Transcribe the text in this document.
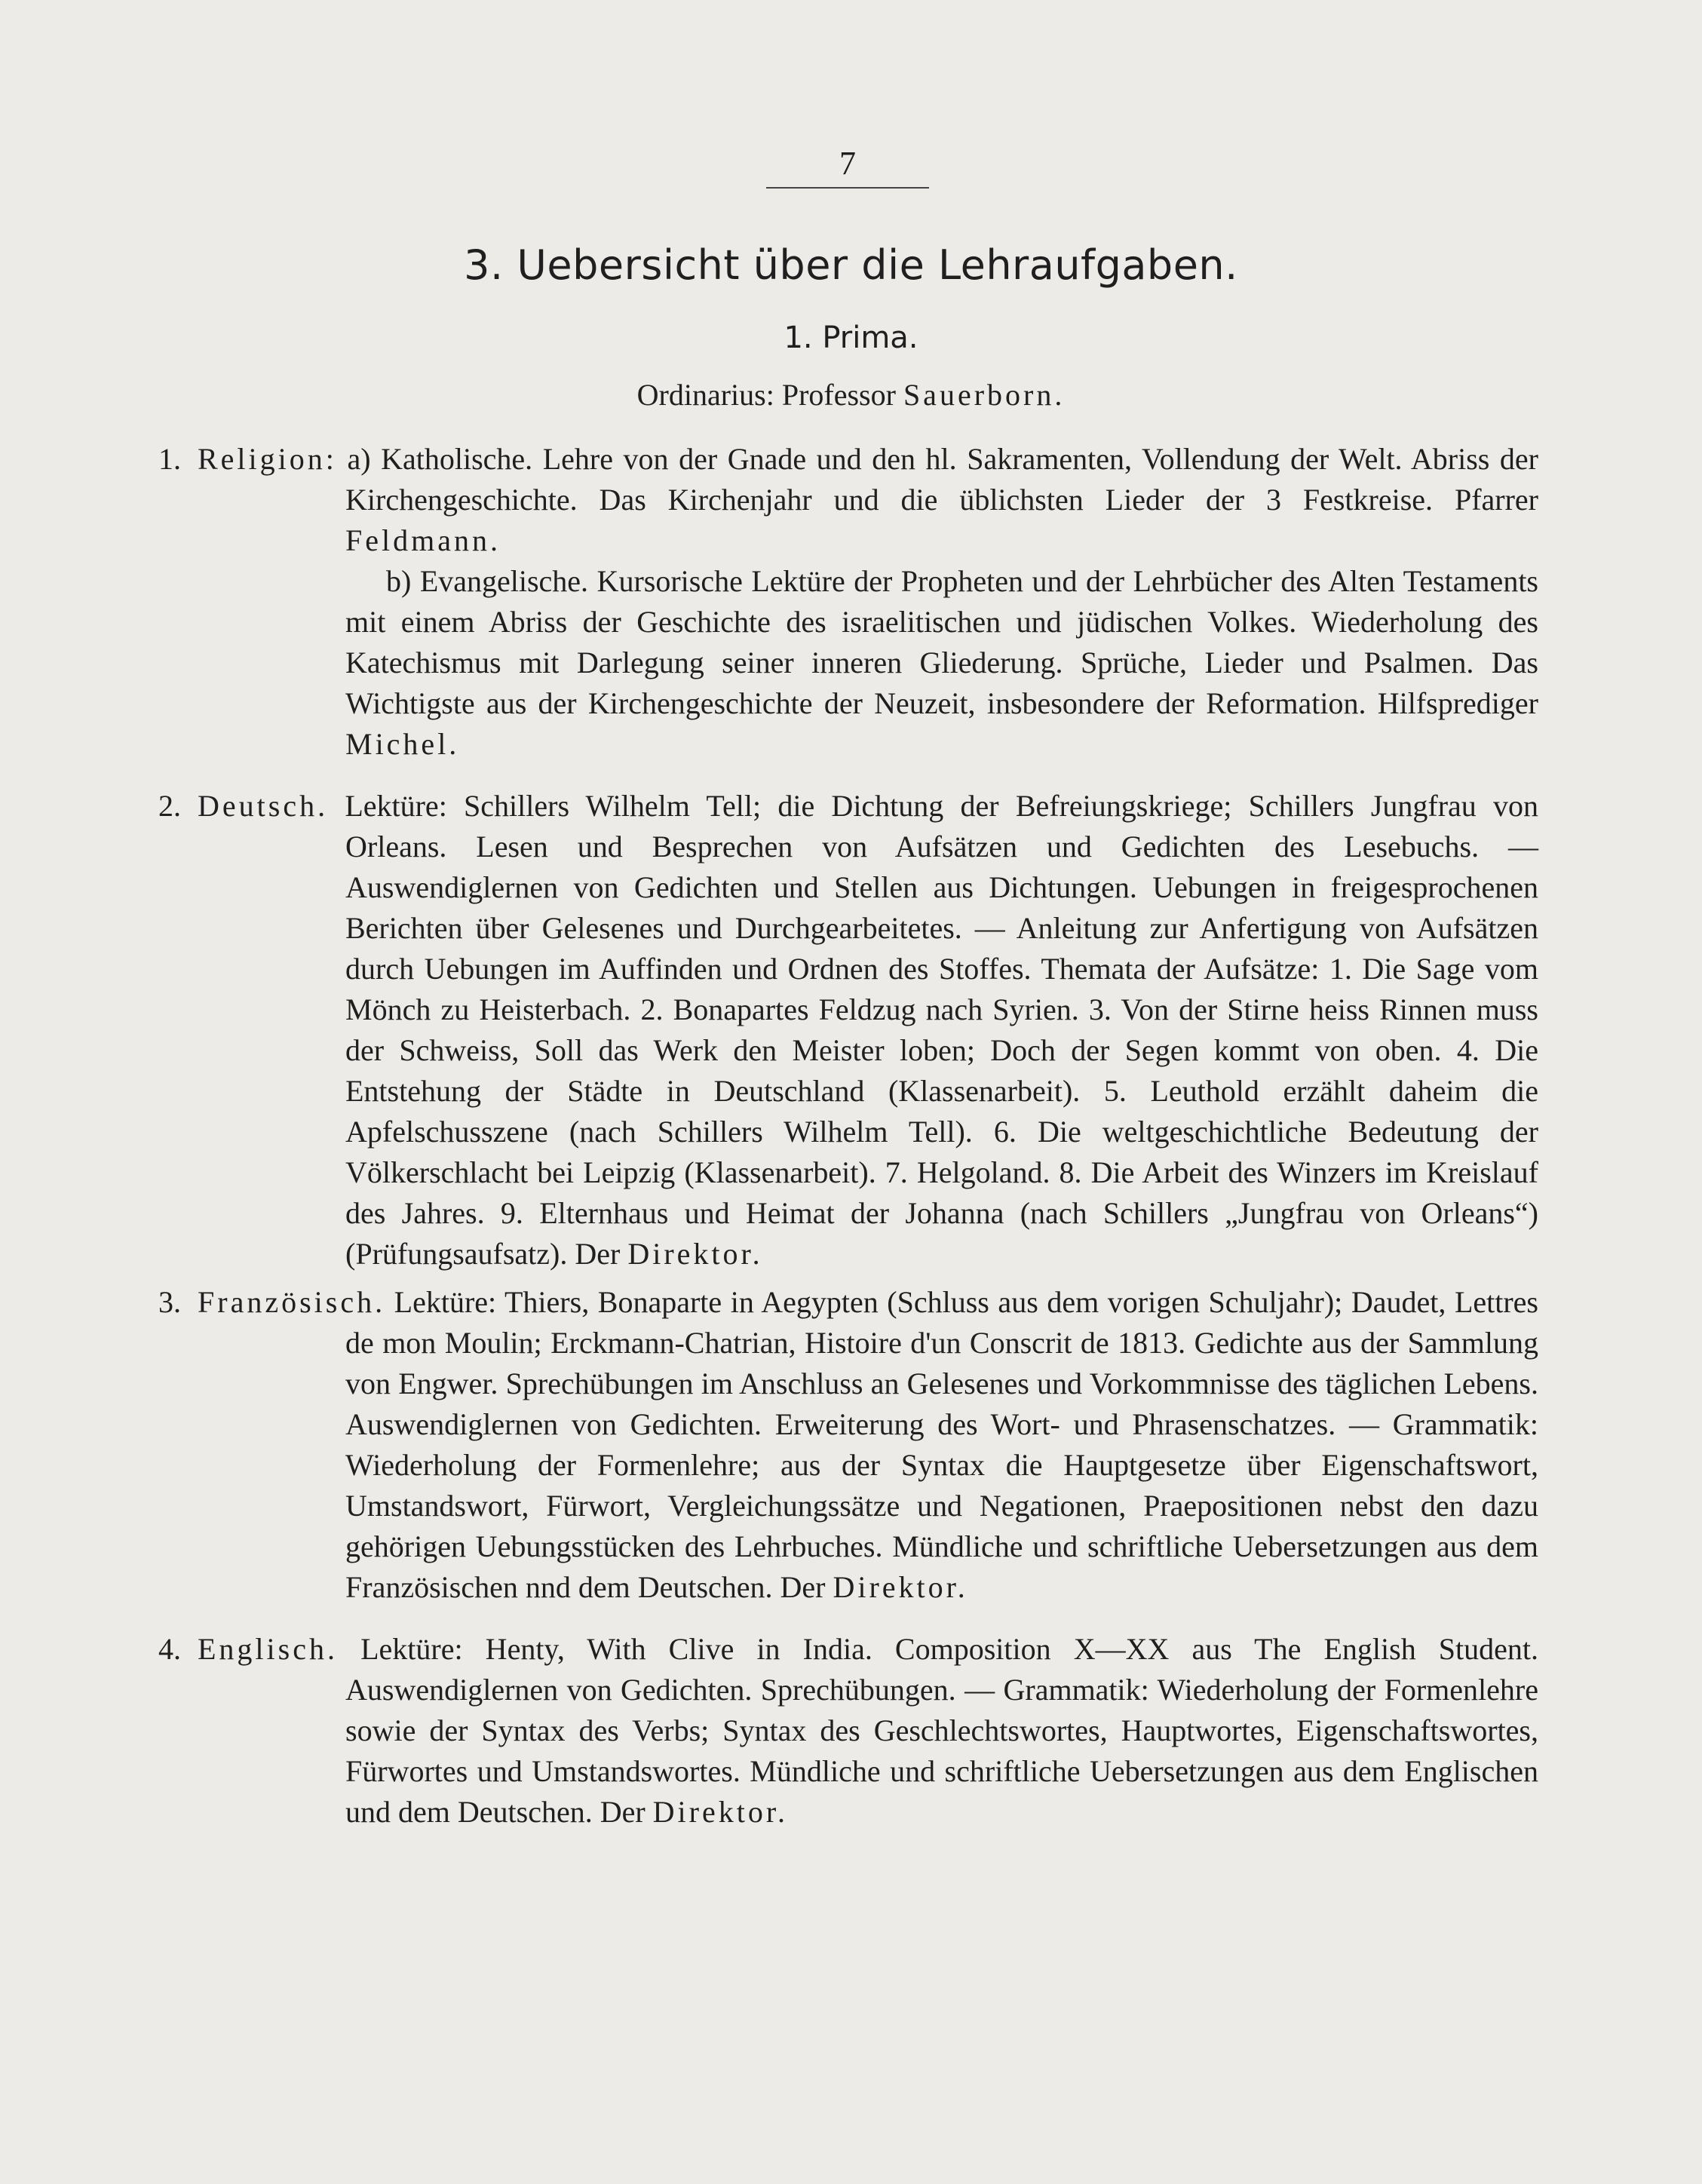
7
3. Uebersicht über die Lehraufgaben.
1. Prima.
Ordinarius: Professor Sauerborn.
1. Religion: a) Katholische. Lehre von der Gnade und den hl. Sakramenten, Vollendung der Welt. Abriss der Kirchengeschichte. Das Kirchenjahr und die üblichsten Lieder der 3 Festkreise. Pfarrer Feldmann.

b) Evangelische. Kursorische Lektüre der Propheten und der Lehrbücher des Alten Testaments mit einem Abriss der Geschichte des israelitischen und jüdischen Volkes. Wiederholung des Katechismus mit Darlegung seiner inneren Gliederung. Sprüche, Lieder und Psalmen. Das Wichtigste aus der Kirchengeschichte der Neuzeit, insbesondere der Reformation. Hilfsprediger Michel.

2. Deutsch. Lektüre: Schillers Wilhelm Tell; die Dichtung der Befreiungskriege; Schillers Jungfrau von Orleans. Lesen und Besprechen von Aufsätzen und Gedichten des Lesebuchs. — Auswendiglernen von Gedichten und Stellen aus Dichtungen. Uebungen in freigesprochenen Berichten über Gelesenes und Durchgearbeitetes. — Anleitung zur Anfertigung von Aufsätzen durch Uebungen im Auffinden und Ordnen des Stoffes. Themata der Aufsätze: 1. Die Sage vom Mönch zu Heisterbach. 2. Bonapartes Feldzug nach Syrien. 3. Von der Stirne heiss Rinnen muss der Schweiss, Soll das Werk den Meister loben; Doch der Segen kommt von oben. 4. Die Entstehung der Städte in Deutschland (Klassenarbeit). 5. Leuthold erzählt daheim die Apfelschusszene (nach Schillers Wilhelm Tell). 6. Die weltgeschichtliche Bedeutung der Völkerschlacht bei Leipzig (Klassenarbeit). 7. Helgoland. 8. Die Arbeit des Winzers im Kreislauf des Jahres. 9. Elternhaus und Heimat der Johanna (nach Schillers „Jungfrau von Orleans“) (Prüfungsaufsatz). Der Direktor.

3. Französisch. Lektüre: Thiers, Bonaparte in Aegypten (Schluss aus dem vorigen Schuljahr); Daudet, Lettres de mon Moulin; Erckmann-Chatrian, Histoire d'un Conscrit de 1813. Gedichte aus der Sammlung von Engwer. Sprechübungen im Anschluss an Gelesenes und Vorkommnisse des täglichen Lebens. Auswendiglernen von Gedichten. Erweiterung des Wort- und Phrasenschatzes. — Grammatik: Wiederholung der Formenlehre; aus der Syntax die Hauptgesetze über Eigenschaftswort, Umstandswort, Fürwort, Vergleichungssätze und Negationen, Praepositionen nebst den dazu gehörigen Uebungsstücken des Lehrbuches. Mündliche und schriftliche Uebersetzungen aus dem Französischen nnd dem Deutschen. Der Direktor.

4. Englisch. Lektüre: Henty, With Clive in India. Composition X—XX aus The English Student. Auswendiglernen von Gedichten. Sprechübungen. — Grammatik: Wiederholung der Formenlehre sowie der Syntax des Verbs; Syntax des Geschlechtswortes, Hauptwortes, Eigenschaftswortes, Fürwortes und Umstandswortes. Mündliche und schriftliche Uebersetzungen aus dem Englischen und dem Deutschen. Der Direktor.
